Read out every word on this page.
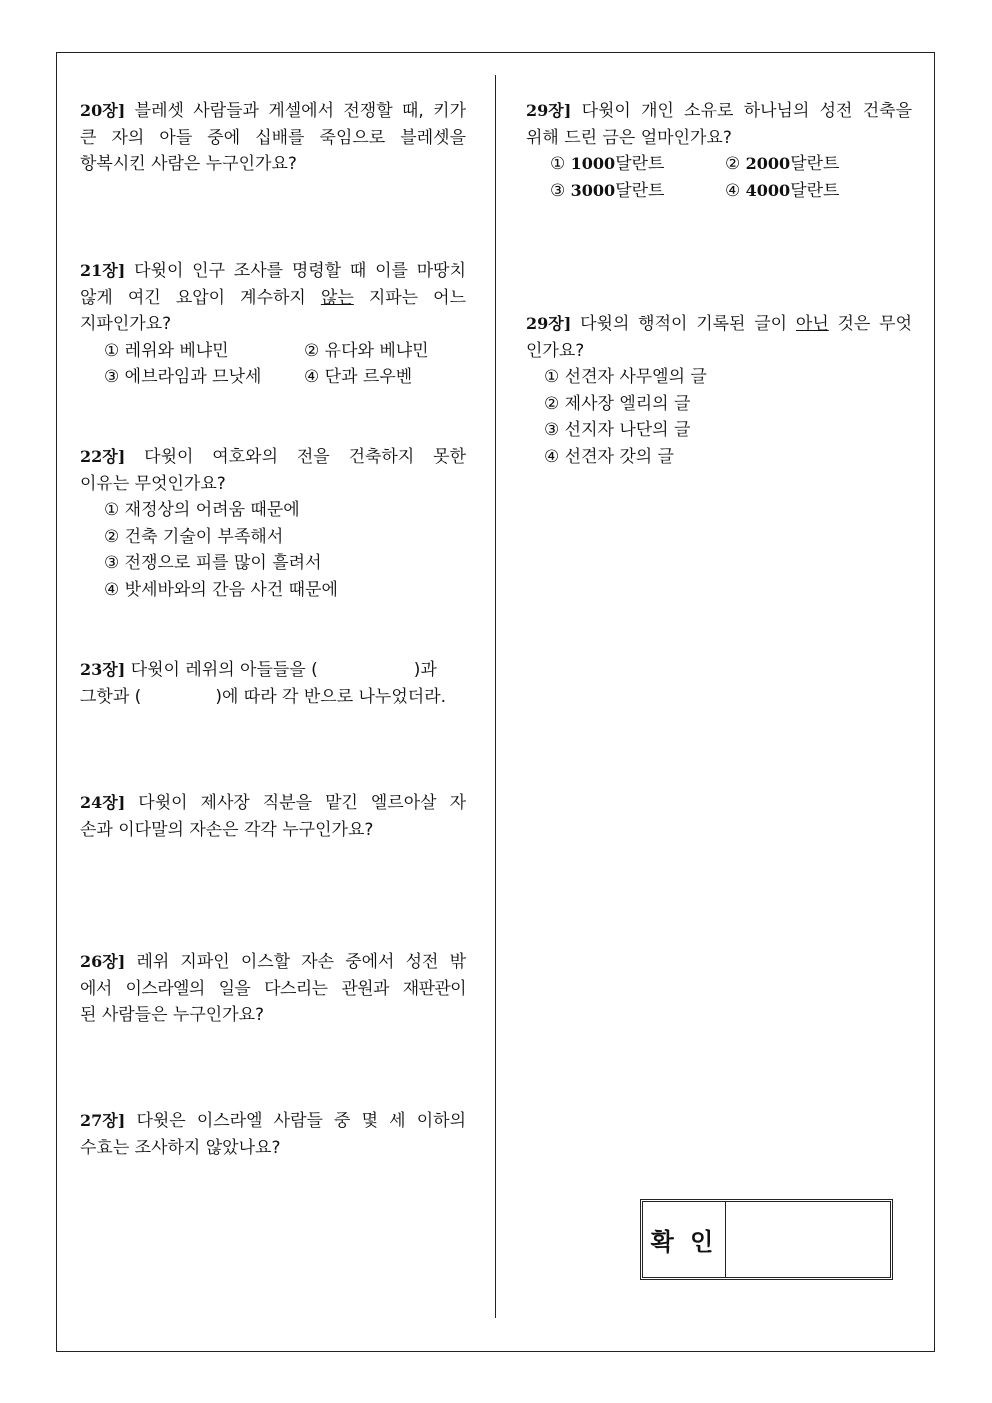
20장] 블레셋 사람들과 게셀에서 전쟁할 때, 키가

큰 자의 아들 중에 십배를 죽임으로 블레셋을

항복시킨 사람은 누구인가요?

21장] 다윗이 인구 조사를 명령할 때 이를 마땅치

않게 여긴 요압이 계수하지 않는 지파는 어느

지파인가요?

① 레위와 베냐민	② 유다와 베냐민
③ 에브라임과 므낫세	④ 단과 르우벤

22장] 다윗이 여호와의 전을 건축하지 못한

이유는 무엇인가요?

① 재정상의 어려움 때문에
② 건축 기술이 부족해서
③ 전쟁으로 피를 많이 흘려서
④ 밧세바와의 간음 사건 때문에

23장] 다윗이 레위의 아들들을 (	)과

그핫과 (	)에 따라 각 반으로 나누었더라.

24장] 다윗이 제사장 직분을 맡긴 엘르아살 자

손과 이다말의 자손은 각각 누구인가요?

26장] 레위 지파인 이스할 자손 중에서 성전 밖

에서 이스라엘의 일을 다스리는 관원과 재판관이

된 사람들은 누구인가요?

27장] 다윗은 이스라엘 사람들 중 몇 세 이하의

수효는 조사하지 않았나요?

29장] 다윗이 개인 소유로 하나님의 성전 건축을

위해 드린 금은 얼마인가요?

① 1000달란트	② 2000달란트
③ 3000달란트	④ 4000달란트

29장] 다윗의 행적이 기록된 글이 아닌 것은 무엇

인가요?

① 선견자 사무엘의 글
② 제사장 엘리의 글
③ 선지자 나단의 글
④ 선견자 갓의 글
확 인
